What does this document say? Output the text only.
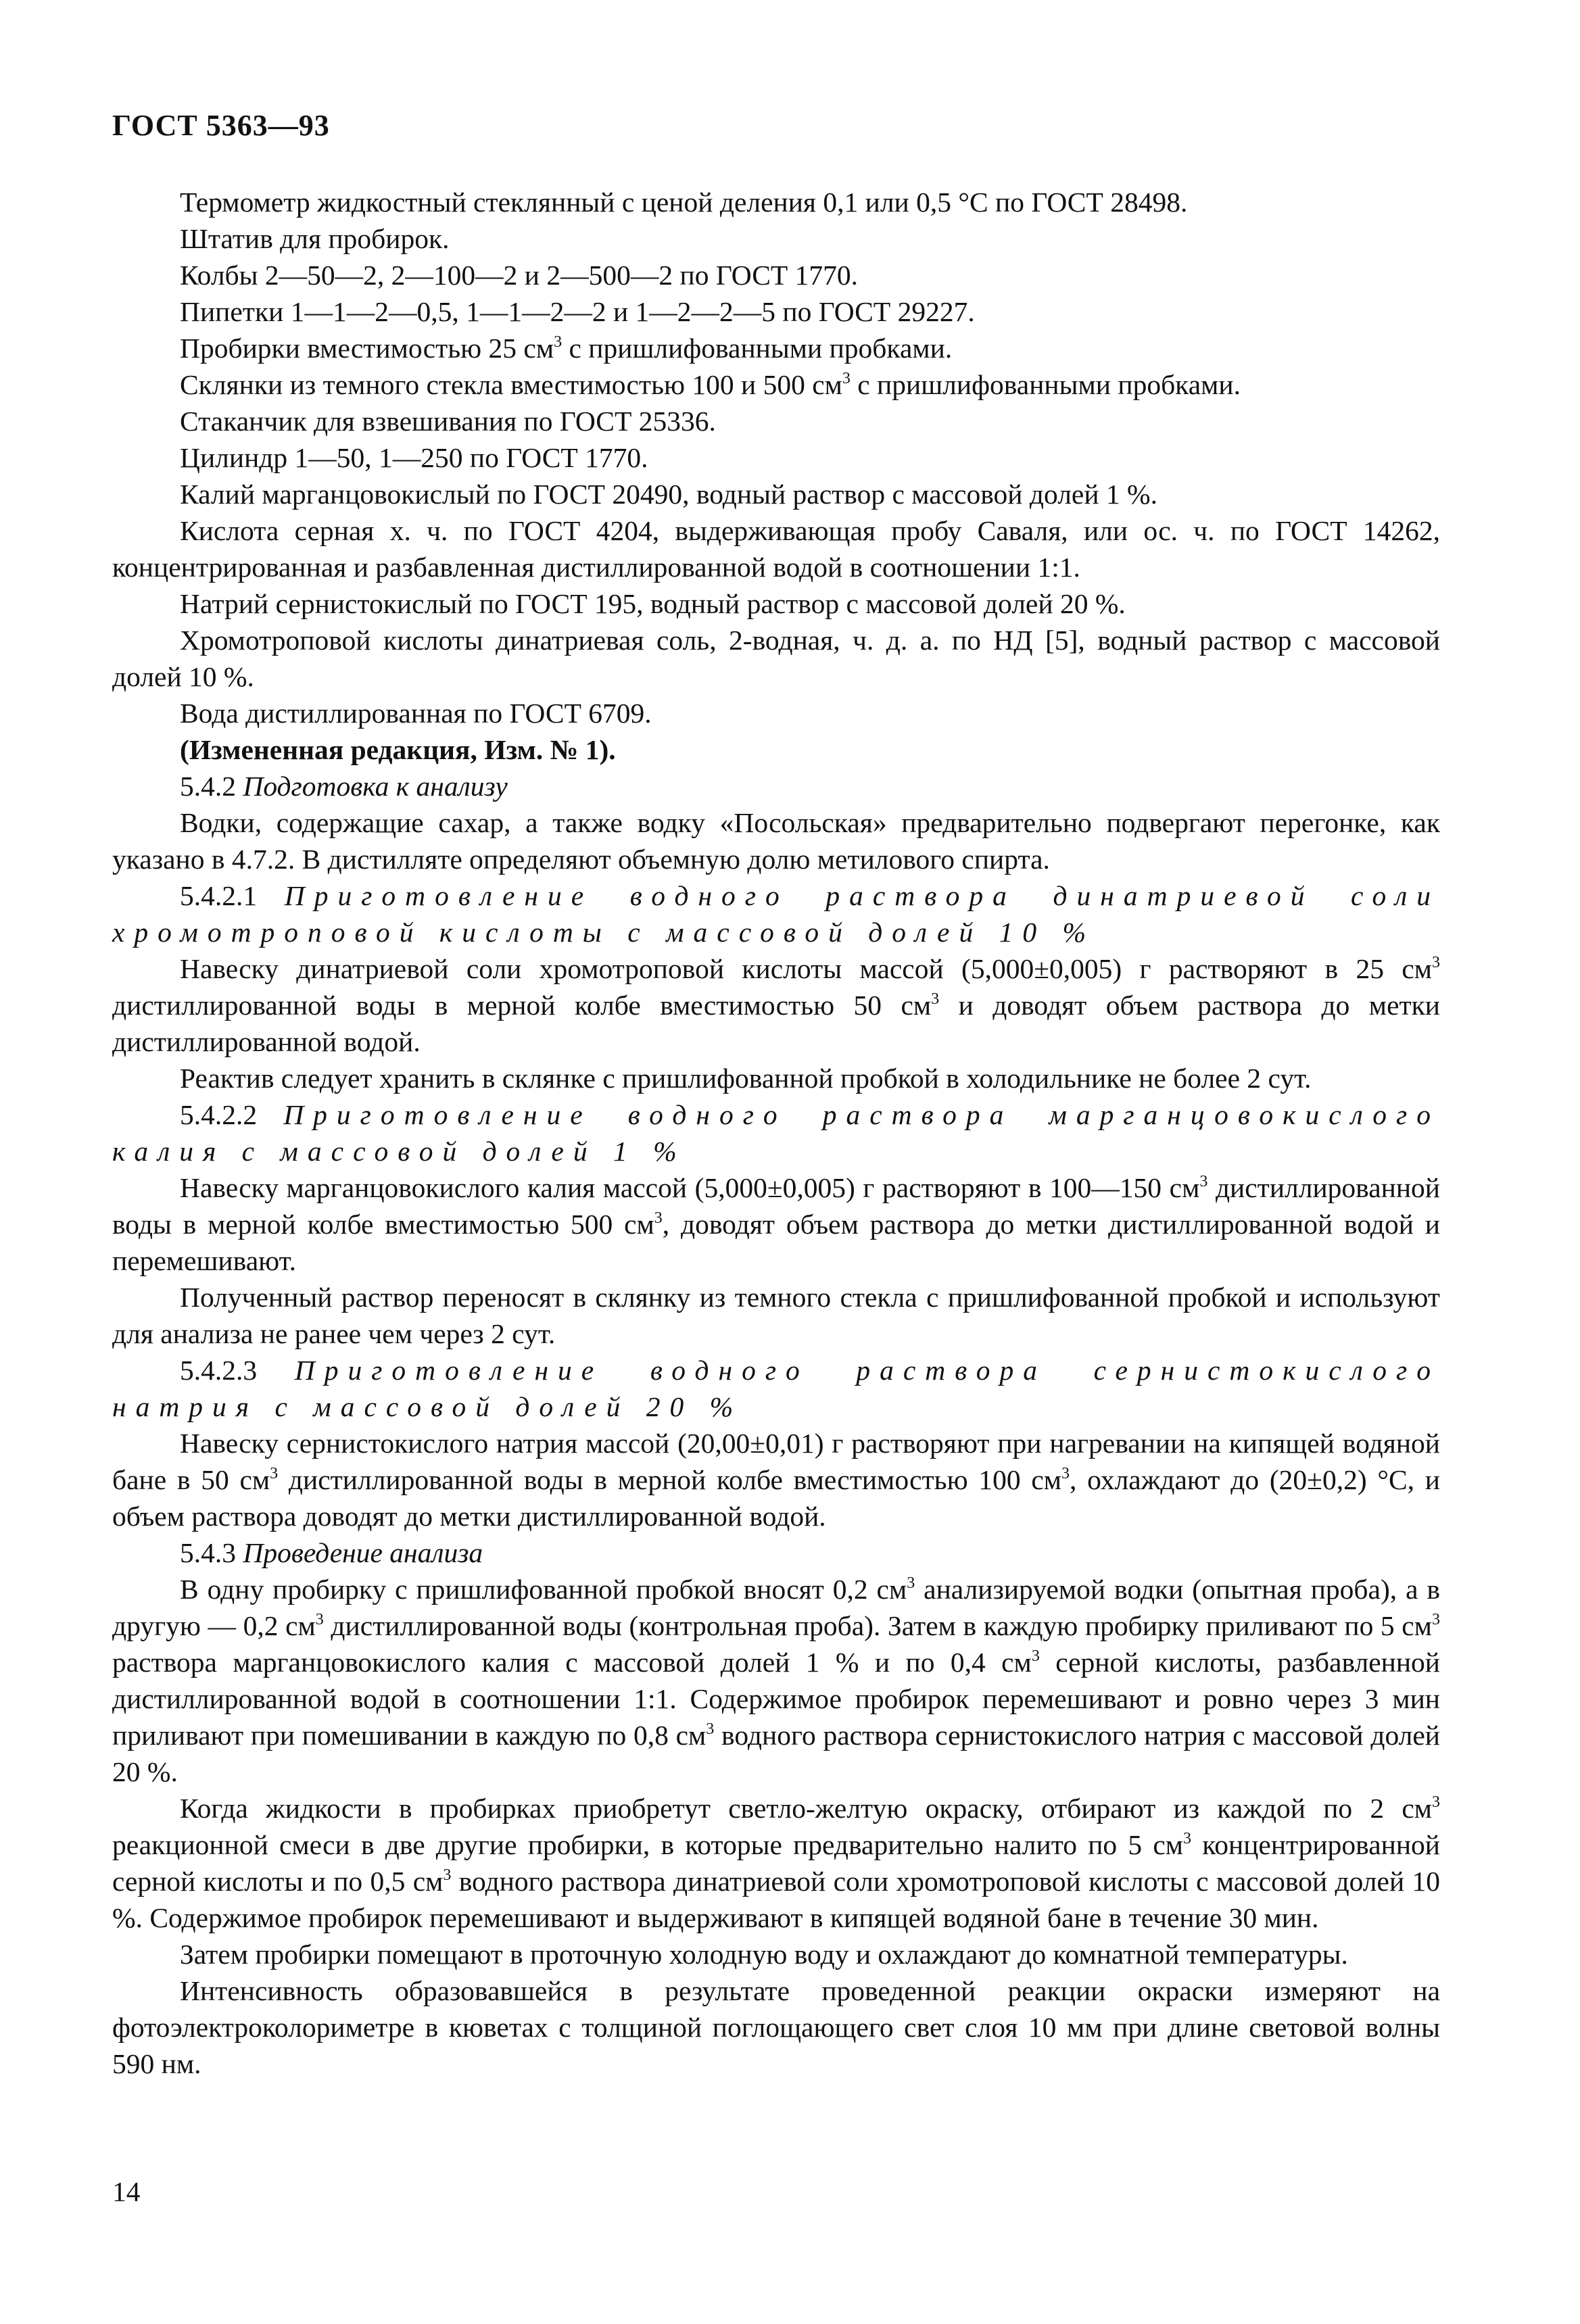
ГОСТ 5363—93

Термометр жидкостный стеклянный с ценой деления 0,1 или 0,5 °С по ГОСТ 28498.

Штатив для пробирок.

Колбы 2—50—2, 2—100—2 и 2—500—2 по ГОСТ 1770.

Пипетки 1—1—2—0,5, 1—1—2—2 и 1—2—2—5 по ГОСТ 29227.

Пробирки вместимостью 25 $см^3$ с пришлифованными пробками.

Склянки из темного стекла вместимостью 100 и 500 $см^3$ с пришлифованными пробками.

Стаканчик для взвешивания по ГОСТ 25336.

Цилиндр 1—50, 1—250 по ГОСТ 1770.

Калий марганцовокислый по ГОСТ 20490, водный раствор с массовой долей 1 %.

Кислота серная х. ч. по ГОСТ 4204, выдерживающая пробу Саваля, или ос. ч. по ГОСТ 14262, концентрированная и разбавленная дистиллированной водой в соотношении 1:1.

Натрий сернистокислый по ГОСТ 195, водный раствор с массовой долей 20 %.

Хромотроповой кислоты динатриевая соль, 2-водная, ч. д. а. по НД [5], водный раствор с массовой долей 10 %.

Вода дистиллированная по ГОСТ 6709.

(Измененная редакция, Изм. № 1).

5.4.2 Подготовка к анализу

Водки, содержащие сахар, а также водку «Посольская» предварительно подвергают перегонке, как указано в 4.7.2. В дистилляте определяют объемную долю метилового спирта.

5.4.2.1 Приготовление водного раствора динатриевой соли хромотроповой кислоты с массовой долей 10 %

Навеску динатриевой соли хромотроповой кислоты массой (5,000±0,005) г растворяют в 25 $см^3$ дистиллированной воды в мерной колбе вместимостью 50 $см^3$ и доводят объем раствора до метки дистиллированной водой.

Реактив следует хранить в склянке с пришлифованной пробкой в холодильнике не более 2 сут.

5.4.2.2 Приготовление водного раствора марганцовокислого калия с массовой долей 1 %

Навеску марганцовокислого калия массой (5,000±0,005) г растворяют в 100—150 $см^3$ дистиллированной воды в мерной колбе вместимостью 500 $см^3$, доводят объем раствора до метки дистиллированной водой и перемешивают.

Полученный раствор переносят в склянку из темного стекла с пришлифованной пробкой и используют для анализа не ранее чем через 2 сут.

5.4.2.3 Приготовление водного раствора сернистокислого натрия с массовой долей 20 %

Навеску сернистокислого натрия массой (20,00±0,01) г растворяют при нагревании на кипящей водяной бане в 50 $см^3$ дистиллированной воды в мерной колбе вместимостью 100 $см^3$, охлаждают до (20±0,2) °С, и объем раствора доводят до метки дистиллированной водой.

5.4.3 Проведение анализа

В одну пробирку с пришлифованной пробкой вносят 0,2 $см^3$ анализируемой водки (опытная проба), а в другую — 0,2 $см^3$ дистиллированной воды (контрольная проба). Затем в каждую пробирку приливают по 5 $см^3$ раствора марганцовокислого калия с массовой долей 1 % и по 0,4 $см^3$ серной кислоты, разбавленной дистиллированной водой в соотношении 1:1. Содержимое пробирок перемешивают и ровно через 3 мин приливают при помешивании в каждую по 0,8 $см^3$ водного раствора сернистокислого натрия с массовой долей 20 %.

Когда жидкости в пробирках приобретут светло-желтую окраску, отбирают из каждой по 2 $см^3$ реакционной смеси в две другие пробирки, в которые предварительно налито по 5 $см^3$ концентрированной серной кислоты и по 0,5 $см^3$ водного раствора динатриевой соли хромотроповой кислоты с массовой долей 10 %. Содержимое пробирок перемешивают и выдерживают в кипящей водяной бане в течение 30 мин.

Затем пробирки помещают в проточную холодную воду и охлаждают до комнатной температуры.

Интенсивность образовавшейся в результате проведенной реакции окраски измеряют на фотоэлектроколориметре в кюветах с толщиной поглощающего свет слоя 10 мм при длине световой волны 590 нм.

14
